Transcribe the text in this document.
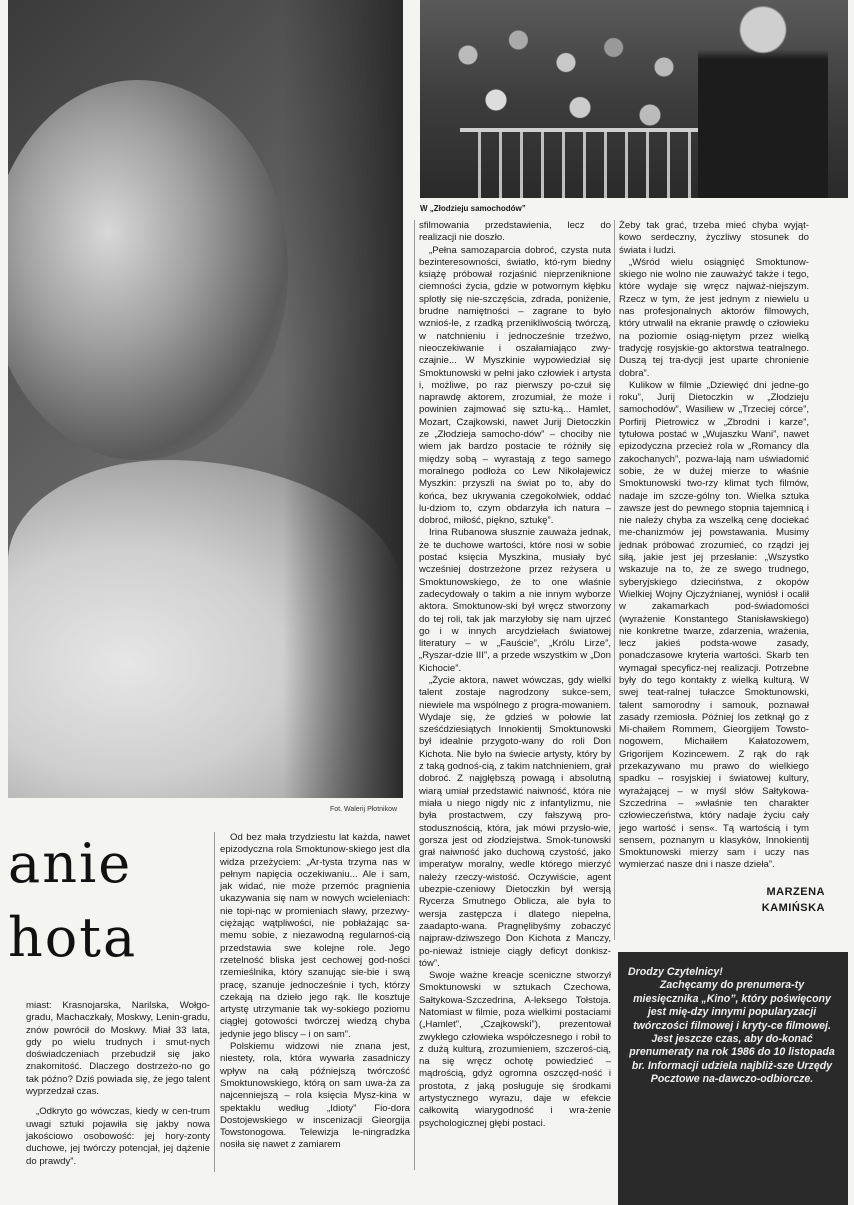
Fot. Walerij Płotnikow
W „Złodzieju samochodów”
anie
hota

miast: Krasnojarska, Narilska, Wołgo-gradu, Machaczkały, Moskwy, Lenin-gradu, znów powrócił do Moskwy. Miał 33 lata, gdy po wielu trudnych i smut-nych doświadczeniach przebudził się jako znakomitość. Dlaczego dostrzeżo-no go tak późno? Dziś powiada się, że jego talent wyprzedzał czas.

„Odkryto go wówczas, kiedy w cen-trum uwagi sztuki pojawiła się jakby nowa jakościowo osobowość: jej hory-zonty duchowe, jej twórczy potencjał, jej dążenie do prawdy”.

Od bez mała trzydziestu lat każda, nawet epizodyczna rola Smoktunow-skiego jest dla widza przeżyciem: „Ar-tysta trzyma nas w pełnym napięcia oczekiwaniu... Ale i sam, jak widać, nie może przemóc pragnienia ukazywania się nam w nowych wcieleniach: nie topi-nąc w promieniach sławy, przezwy-ciężając wątpliwości, nie pobłażając sa-memu sobie, z niezawodną regularnoś-cią przedstawia swe kolejne role. Jego rzetelność bliska jest cechowej god-ności rzemieślnika, który szanując sie-bie i swą pracę, szanuje jednocześnie i tych, którzy czekają na dzieło jego rąk. Ile kosztuje artystę utrzymanie tak wy-sokiego poziomu ciągłej gotowości twórczej wiedzą chyba jedynie jego bliscy – i on sam”.

Polskiemu widzowi nie znana jest, niestety, rola, która wywarła zasadniczy wpływ na całą późniejszą twórczość Smoktunowskiego, którą on sam uwa-ża za najcenniejszą – rola księcia Mysz-kina w spektaklu według „Idioty” Fio-dora Dostojewskiego w inscenizacji Gieorgija Towstonogowa. Telewizja le-ningradzka nosiła się nawet z zamiarem

sfilmowania przedstawienia, lecz do realizacji nie doszło.

„Pełna samozaparcia dobroć, czysta nuta bezinteresowności, światło, któ-rym biedny książę próbował rozjaśnić nieprzeniknione ciemności życia, gdzie w potwornym kłębku splotły się nie-szczęścia, zdrada, poniżenie, brudne namiętności – zagrane to było wznioś-le, z rzadką przenikliwością twórczą, w natchnieniu i jednocześnie trzeźwo, nieoczekiwanie i oszałamiająco zwy-czajnie... W Myszkinie wypowiedział się Smoktunowski w pełni jako człowiek i artysta i, możliwe, po raz pierwszy po-czuł się naprawdę aktorem, zrozumiał, że może i powinien zajmować się sztu-ką... Hamlet, Mozart, Czajkowski, nawet Jurij Dietoczkin ze „Złodzieja samocho-dów” – chociby nie wiem jak bardzo postacie te różniły się między sobą – wyrastają z tego samego moralnego podłoża co Lew Nikołajewicz Myszkin: przyszli na świat po to, aby do końca, bez ukrywania czegokolwiek, oddać lu-dziom to, czym obdarzyła ich natura – dobroć, miłość, piękno, sztukę”.

Irina Rubanowa słusznie zauważa jednak, że te duchowe wartości, które nosi w sobie postać księcia Myszkina, musiały być wcześniej dostrzeżone przez reżysera u Smoktunowskiego, że to one właśnie zadecydowały o takim a nie innym wyborze aktora. Smoktunow-ski był wręcz stworzony do tej roli, tak jak marzyłoby się nam ujrzeć go i w innych arcydziełach światowej literatury – w „Fauście”, „Królu Lirze”, „Ryszar-dzie III”, a przede wszystkim w „Don Kichocie”.

„Życie aktora, nawet wówczas, gdy wielki talent zostaje nagrodzony sukce-sem, niewiele ma wspólnego z progra-mowaniem. Wydaje się, że gdzieś w połowie lat sześćdziesiątych Innokientij Smoktunowski był idealnie przygoto-wany do roli Don Kichota. Nie było na świecie artysty, który by z taką godnoś-cią, z takim natchnieniem, grał dobroć. Z najgłębszą powagą i absolutną wiarą umiał przedstawić naiwność, która nie miała u niego nigdy nic z infantylizmu, nie była prostactwem, czy fałszywą pro-stodusznością, która, jak mówi przysło-wie, gorsza jest od złodziejstwa. Smok-tunowski grał naiwność jako duchową czystość, jako imperatyw moralny, wedle którego mierzyć należy rzeczy-wistość. Oczywiście, agent ubezpie-czeniowy Dietoczkin był wersją Rycerza Smutnego Oblicza, ale była to wersja zastępcza i dlatego niepełna, zaadapto-wana. Pragnęlibyśmy zobaczyć najpraw-dziwszego Don Kichota z Manczy, po-nieważ istnieje ciągły deficyt donkisz-tów”.

Swoje ważne kreacje sceniczne stworzył Smoktunowski w sztukach Czechowa, Sałtykowa-Szczedrina, A-leksego Tołstoja. Natomiast w filmie, poza wielkimi postaciami („Hamlet”, „Czajkowski”), prezentował zwykłego człowieka współczesnego i robił to z dużą kulturą, zrozumieniem, szczeroś-cią, na się wręcz ochotę powiedzieć – mądrością, gdyż ogromna oszczęd-ność i prostota, z jaką posługuje się środkami artystycznego wyrazu, daje w efekcie całkowitą wiarygodność i wra-żenie psychologicznej głębi postaci.

Żeby tak grać, trzeba mieć chyba wyjąt-kowo serdeczny, życzliwy stosunek do świata i ludzi.

„Wśród wielu osiągnięć Smoktunow-skiego nie wolno nie zauważyć także i tego, które wydaje się wręcz najważ-niejszym. Rzecz w tym, że jest jednym z niewielu u nas profesjonalnych aktorów filmowych, który utrwalił na ekranie prawdę o człowieku na poziomie osiąg-niętym przez wielką tradycję rosyjskie-go aktorstwa teatralnego. Duszą tej tra-dycji jest uparte chronienie dobra”.

Kulikow w filmie „Dziewięć dni jedne-go roku”, Jurij Dietoczkin w „Złodzieju samochodów”, Wasiliew w „Trzeciej córce”, Porfirij Pietrowicz w „Zbrodni i karze”, tytułowa postać w „Wujaszku Wani”, nawet epizodyczna przecież rola w „Romancy dla zakochanych”, pozwa-lają nam uświadomić sobie, że w dużej mierze to właśnie Smoktunowski two-rzy klimat tych filmów, nadaje im szcze-gólny ton. Wielka sztuka zawsze jest do pewnego stopnia tajemnicą i nie należy chyba za wszelką cenę dociekać me-chanizmów jej powstawania. Musimy jednak próbować zrozumieć, co rządzi jej siłą, jakie jest jej przesłanie: „Wszystko wskazuje na to, że ze swego trudnego, syberyjskiego dzieciństwa, z okopów Wielkiej Wojny Ojczyźnianej, wyniósł i ocalił w zakamarkach pod-świadomości (wyrażenie Konstantego Stanisławskiego) nie konkretne twarze, zdarzenia, wrażenia, lecz jakieś podsta-wowe zasady, ponadczasowe kryteria wartości. Skarb ten wymagał specyficz-nej realizacji. Potrzebne były do tego kontakty z wielką kulturą. W swej teat-ralnej tułaczce Smoktunowski, talent samorodny i samouk, poznawał zasady rzemiosła. Później los zetknął go z Mi-chaiłem Rommem, Gieorgijem Towsto-nogowem, Michaiłem Kałatozowem, Grigorijem Kozincewem. Z rąk do rąk przekazywano mu prawo do wielkiego spadku – rosyjskiej i światowej kultury, wyrażającej – w myśl słów Sałtykowa-Szczedrina – »właśnie ten charakter człowieczeństwa, który nadaje życiu cały jego wartość i sens«. Tą wartością i tym sensem, poznanym u klasyków, Innokientij Smoktunowski mierzy sam i uczy nas wymierzać nasze dni i nasze dzieła”.

MARZENA
KAMIŃSKA

Drodzy Czytelnicy!

Zachęcamy do prenumera-ty miesięcznika „Kino”, który poświęcony jest mię-dzy innymi popularyzacji twórczości filmowej i kryty-ce filmowej.

Jest jeszcze czas, aby do-konać prenumeraty na rok 1986 do 10 listopada br. Informacji udziela najbliż-sze Urzędy Pocztowe na-dawczo-odbiorcze.
